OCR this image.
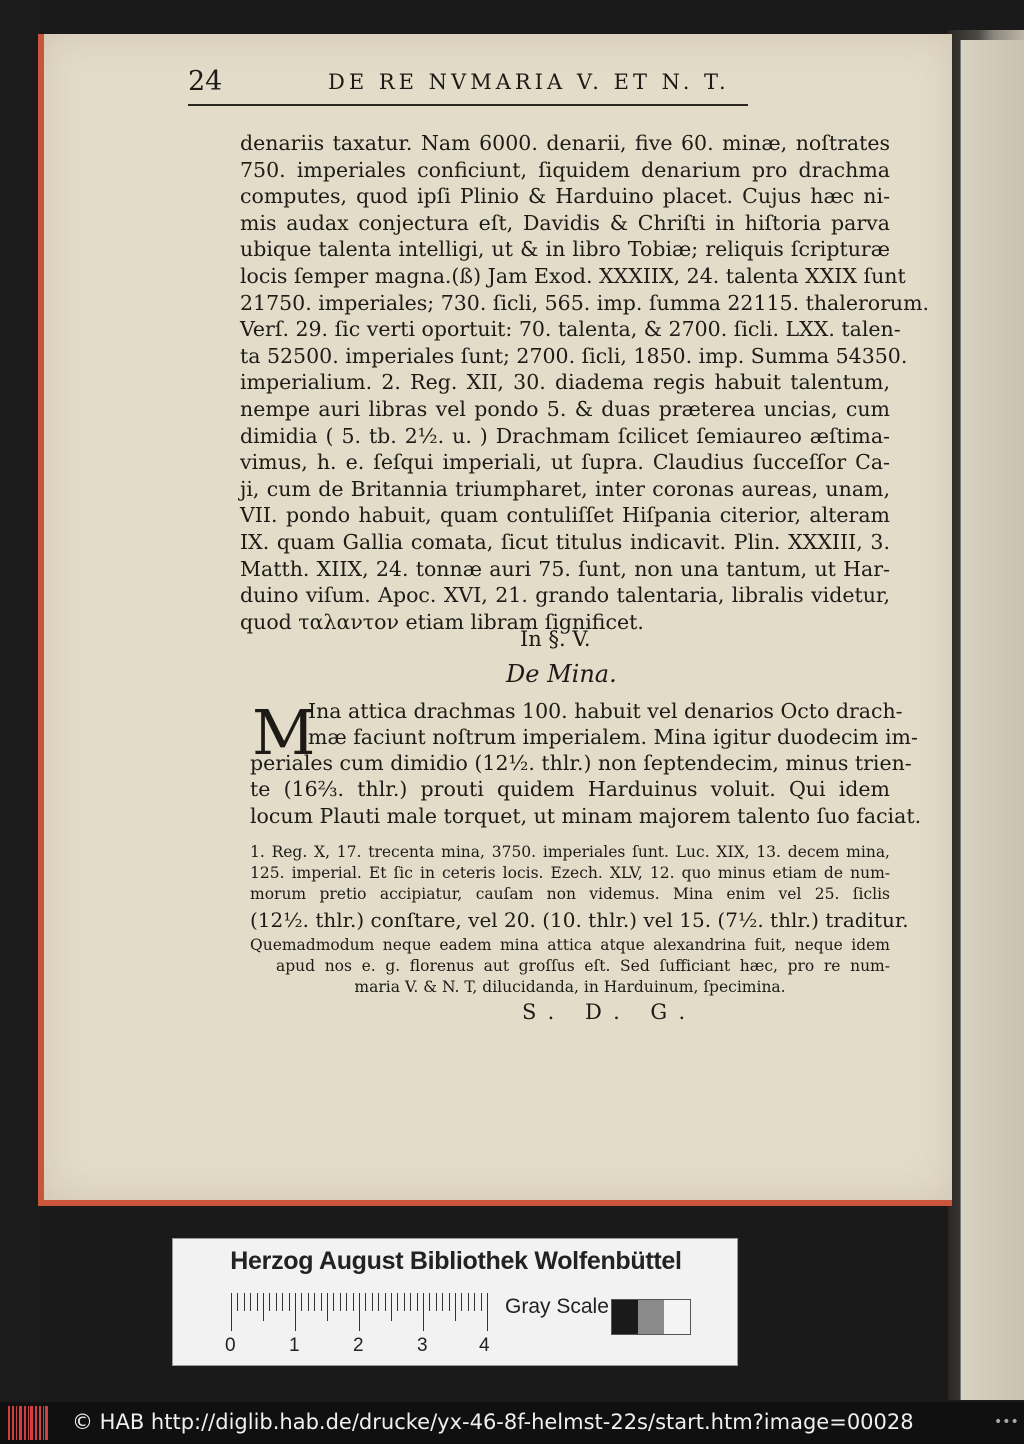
24	DE RE NVMARIA V. ET N. T.
denariis taxatur. Nam 6000. denarii, five 60. minæ, noſtrates
750. imperiales conficiunt, ſiquidem denarium pro drachma
computes, quod ipſi Plinio & Harduino placet. Cujus hæc ni-
mis audax conjectura eſt, Davidis & Chriſti in hiſtoria parva
ubique talenta intelligi, ut & in libro Tobiæ; reliquis ſcripturæ
locis ſemper magna.(ß) Jam Exod. XXXIIX, 24. talenta XXIX ſunt
21750. imperiales; 730. ſicli, 565. imp. ſumma 22115. thalerorum.
Verſ. 29. ſic verti oportuit: 70. talenta, & 2700. ſicli. LXX. talen-
ta 52500. imperiales ſunt; 2700. ſicli, 1850. imp. Summa 54350.
imperialium. 2. Reg. XII, 30. diadema regis habuit talentum,
nempe auri libras vel pondo 5. & duas præterea uncias, cum
dimidia ( 5. tb. 2½. u. ) Drachmam ſcilicet ſemiaureo æſtima-
vimus, h. e. ſeſqui imperiali, ut ſupra. Claudius ſucceſſor Ca-
ji, cum de Britannia triumpharet, inter coronas aureas, unam,
VII. pondo habuit, quam contuliſſet Hiſpania citerior, alteram
IX. quam Gallia comata, ſicut titulus indicavit. Plin. XXXIII, 3.
Matth. XIIX, 24. tonnæ auri 75. ſunt, non una tantum, ut Har-
duino viſum. Apoc. XVI, 21. grando talentaria, libralis videtur,
quod ταλαντον etiam libram ſignificet.
In §. V.
De Mina.
M
Ina attica drachmas 100. habuit vel denarios Octo drach-
mæ faciunt noſtrum imperialem. Mina igitur duodecim im-
periales cum dimidio (12½. thlr.) non ſeptendecim, minus trien-
te (16⅔. thlr.) prouti quidem Harduinus voluit. Qui idem
locum Plauti male torquet, ut minam majorem talento ſuo faciat.
1. Reg. X, 17. trecenta mina, 3750. imperiales ſunt. Luc. XIX, 13. decem mina,
125. imperial. Et ſic in ceteris locis. Ezech. XLV, 12. quo minus etiam de num-
morum pretio accipiatur, cauſam non videmus. Mina enim vel 25. ſiclis
(12½. thlr.) conſtare, vel 20. (10. thlr.) vel 15. (7½. thlr.) traditur.
Quemadmodum neque eadem mina attica atque alexandrina fuit, neque idem
apud nos e. g. florenus aut groſſus eſt. Sed ſufficiant hæc, pro re num-
maria V. & N. T, dilucidanda, in Harduinum, ſpecimina.
S. D. G.
Herzog August Bibliothek Wolfenbüttel
0	1	2	3	4
Gray Scale
© HAB http://diglib.hab.de/drucke/yx-46-8f-helmst-22s/start.htm?image=00028	•••
